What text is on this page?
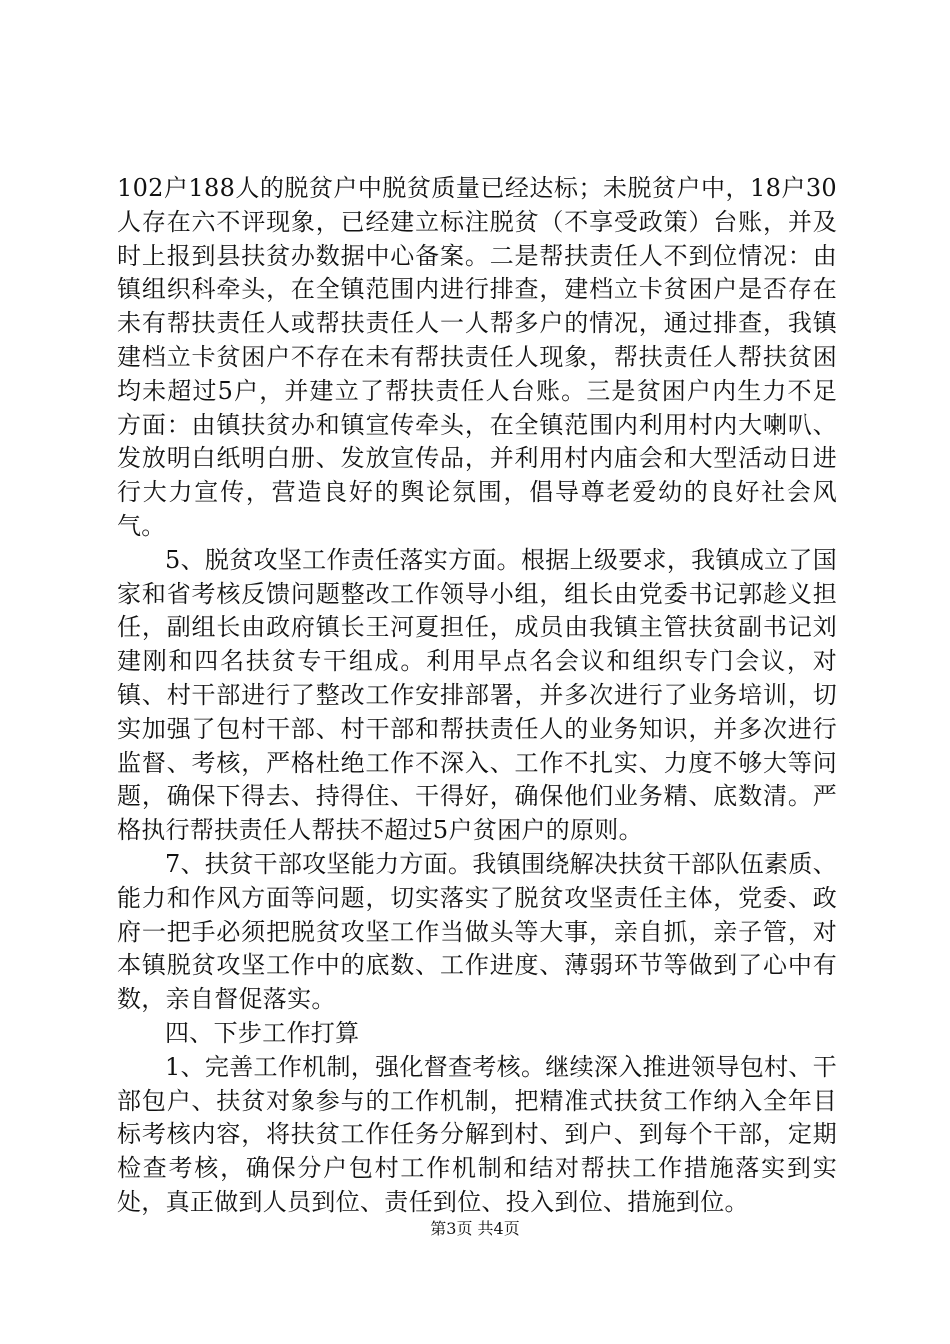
102户188人的脱贫户中脱贫质量已经达标；未脱贫户中，18户30人存在六不评现象，已经建立标注脱贫（不享受政策）台账，并及时上报到县扶贫办数据中心备案。二是帮扶责任人不到位情况：由镇组织科牵头，在全镇范围内进行排查，建档立卡贫困户是否存在未有帮扶责任人或帮扶责任人一人帮多户的情况，通过排查，我镇建档立卡贫困户不存在未有帮扶责任人现象，帮扶责任人帮扶贫困均未超过5户，并建立了帮扶责任人台账。三是贫困户内生力不足方面：由镇扶贫办和镇宣传牵头，在全镇范围内利用村内大喇叭、发放明白纸明白册、发放宣传品，并利用村内庙会和大型活动日进行大力宣传，营造良好的舆论氛围，倡导尊老爱幼的良好社会风气。

5、脱贫攻坚工作责任落实方面。根据上级要求，我镇成立了国家和省考核反馈问题整改工作领导小组，组长由党委书记郭趁义担任，副组长由政府镇长王河夏担任，成员由我镇主管扶贫副书记刘建刚和四名扶贫专干组成。利用早点名会议和组织专门会议，对镇、村干部进行了整改工作安排部署，并多次进行了业务培训，切实加强了包村干部、村干部和帮扶责任人的业务知识，并多次进行监督、考核，严格杜绝工作不深入、工作不扎实、力度不够大等问题，确保下得去、持得住、干得好，确保他们业务精、底数清。严格执行帮扶责任人帮扶不超过5户贫困户的原则。

7、扶贫干部攻坚能力方面。我镇围绕解决扶贫干部队伍素质、能力和作风方面等问题，切实落实了脱贫攻坚责任主体，党委、政府一把手必须把脱贫攻坚工作当做头等大事，亲自抓，亲子管，对本镇脱贫攻坚工作中的底数、工作进度、薄弱环节等做到了心中有数，亲自督促落实。

四、下步工作打算

1、完善工作机制，强化督查考核。继续深入推进领导包村、干部包户、扶贫对象参与的工作机制，把精准式扶贫工作纳入全年目标考核内容，将扶贫工作任务分解到村、到户、到每个干部，定期检查考核，确保分户包村工作机制和结对帮扶工作措施落实到实处，真正做到人员到位、责任到位、投入到位、措施到位。

第3页 共4页
